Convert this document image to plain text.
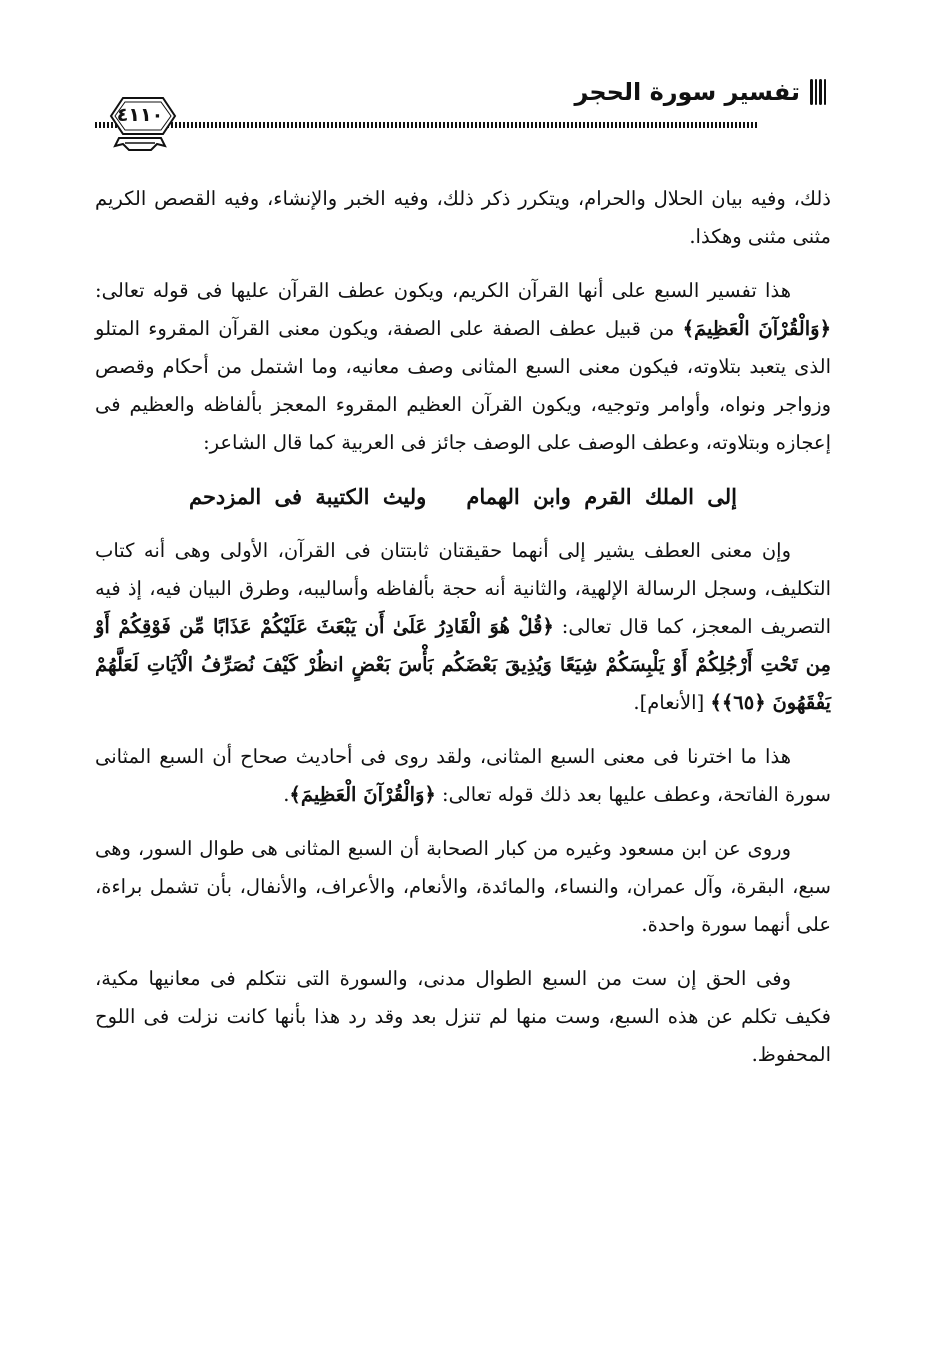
تفسير سورة الحجر
٤١١٠

ذلك، وفيه بيان الحلال والحرام، ويتكرر ذكر ذلك، وفيه الخبر والإنشاء، وفيه القصص الكريم مثنى مثنى وهكذا.

هذا تفسير السبع على أنها القرآن الكريم، ويكون عطف القرآن عليها فى قوله تعالى: ﴿وَالْقُرْآنَ الْعَظِيمَ﴾ من قبيل عطف الصفة على الصفة، ويكون معنى القرآن المقروء المتلو الذى يتعبد بتلاوته، فيكون معنى السبع المثانى وصف معانيه، وما اشتمل من أحكام وقصص وزواجر ونواه، وأوامر وتوجيه، ويكون القرآن العظيم المقروء المعجز بألفاظه والعظيم فى إعجازه وبتلاوته، وعطف الوصف على الوصف جائز فى العربية كما قال الشاعر:

إلى الملك القرم وابن الهماموليث الكتيبة فى المزدحم

وإن معنى العطف يشير إلى أنهما حقيقتان ثابتتان فى القرآن، الأولى وهى أنه كتاب التكليف، وسجل الرسالة الإلهية، والثانية أنه حجة بألفاظه وأساليبه، وطرق البيان فيه، إذ فيه التصريف المعجز، كما قال تعالى: ﴿قُلْ هُوَ الْقَادِرُ عَلَىٰ أَن يَبْعَثَ عَلَيْكُمْ عَذَابًا مِّن فَوْقِكُمْ أَوْ مِن تَحْتِ أَرْجُلِكُمْ أَوْ يَلْبِسَكُمْ شِيَعًا وَيُذِيقَ بَعْضَكُم بَأْسَ بَعْضٍ انظُرْ كَيْفَ نُصَرِّفُ الْآيَاتِ لَعَلَّهُمْ يَفْقَهُونَ ﴿٦٥﴾﴾ [الأنعام].

هذا ما اخترنا فى معنى السبع المثانى، ولقد روى فى أحاديث صحاح أن السبع المثانى سورة الفاتحة، وعطف عليها بعد ذلك قوله تعالى: ﴿وَالْقُرْآنَ الْعَظِيمَ﴾.

وروى عن ابن مسعود وغيره من كبار الصحابة أن السبع المثانى هى طوال السور، وهى سبع، البقرة، وآل عمران، والنساء، والمائدة، والأنعام، والأعراف، والأنفال، بأن تشمل براءة، على أنهما سورة واحدة.

وفى الحق إن ست من السبع الطوال مدنى، والسورة التى نتكلم فى معانيها مكية، فكيف تكلم عن هذه السبع، وست منها لم تنزل بعد وقد رد هذا بأنها كانت نزلت فى اللوح المحفوظ.
